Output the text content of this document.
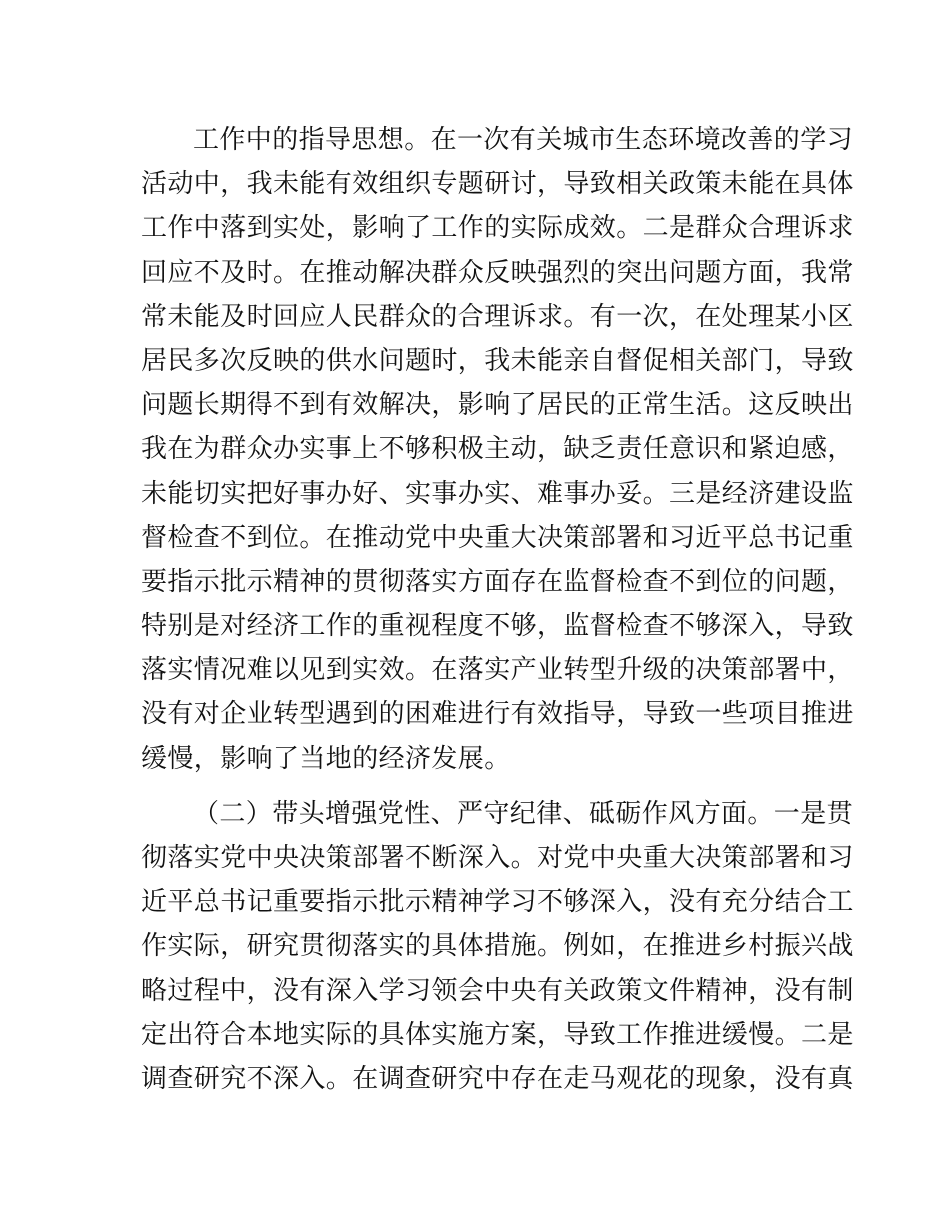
工作中的指导思想。在一次有关城市生态环境改善的学习
活动中，我未能有效组织专题研讨，导致相关政策未能在具体
工作中落到实处，影响了工作的实际成效。二是群众合理诉求
回应不及时。在推动解决群众反映强烈的突出问题方面，我常
常未能及时回应人民群众的合理诉求。有一次，在处理某小区
居民多次反映的供水问题时，我未能亲自督促相关部门，导致
问题长期得不到有效解决，影响了居民的正常生活。这反映出
我在为群众办实事上不够积极主动，缺乏责任意识和紧迫感，
未能切实把好事办好、实事办实、难事办妥。三是经济建设监
督检查不到位。在推动党中央重大决策部署和习近平总书记重
要指示批示精神的贯彻落实方面存在监督检查不到位的问题，
特别是对经济工作的重视程度不够，监督检查不够深入，导致
落实情况难以见到实效。在落实产业转型升级的决策部署中，
没有对企业转型遇到的困难进行有效指导，导致一些项目推进
缓慢，影响了当地的经济发展。
（二）带头增强党性、严守纪律、砥砺作风方面。一是贯
彻落实党中央决策部署不断深入。对党中央重大决策部署和习
近平总书记重要指示批示精神学习不够深入，没有充分结合工
作实际，研究贯彻落实的具体措施。例如，在推进乡村振兴战
略过程中，没有深入学习领会中央有关政策文件精神，没有制
定出符合本地实际的具体实施方案，导致工作推进缓慢。二是
调查研究不深入。在调查研究中存在走马观花的现象，没有真
